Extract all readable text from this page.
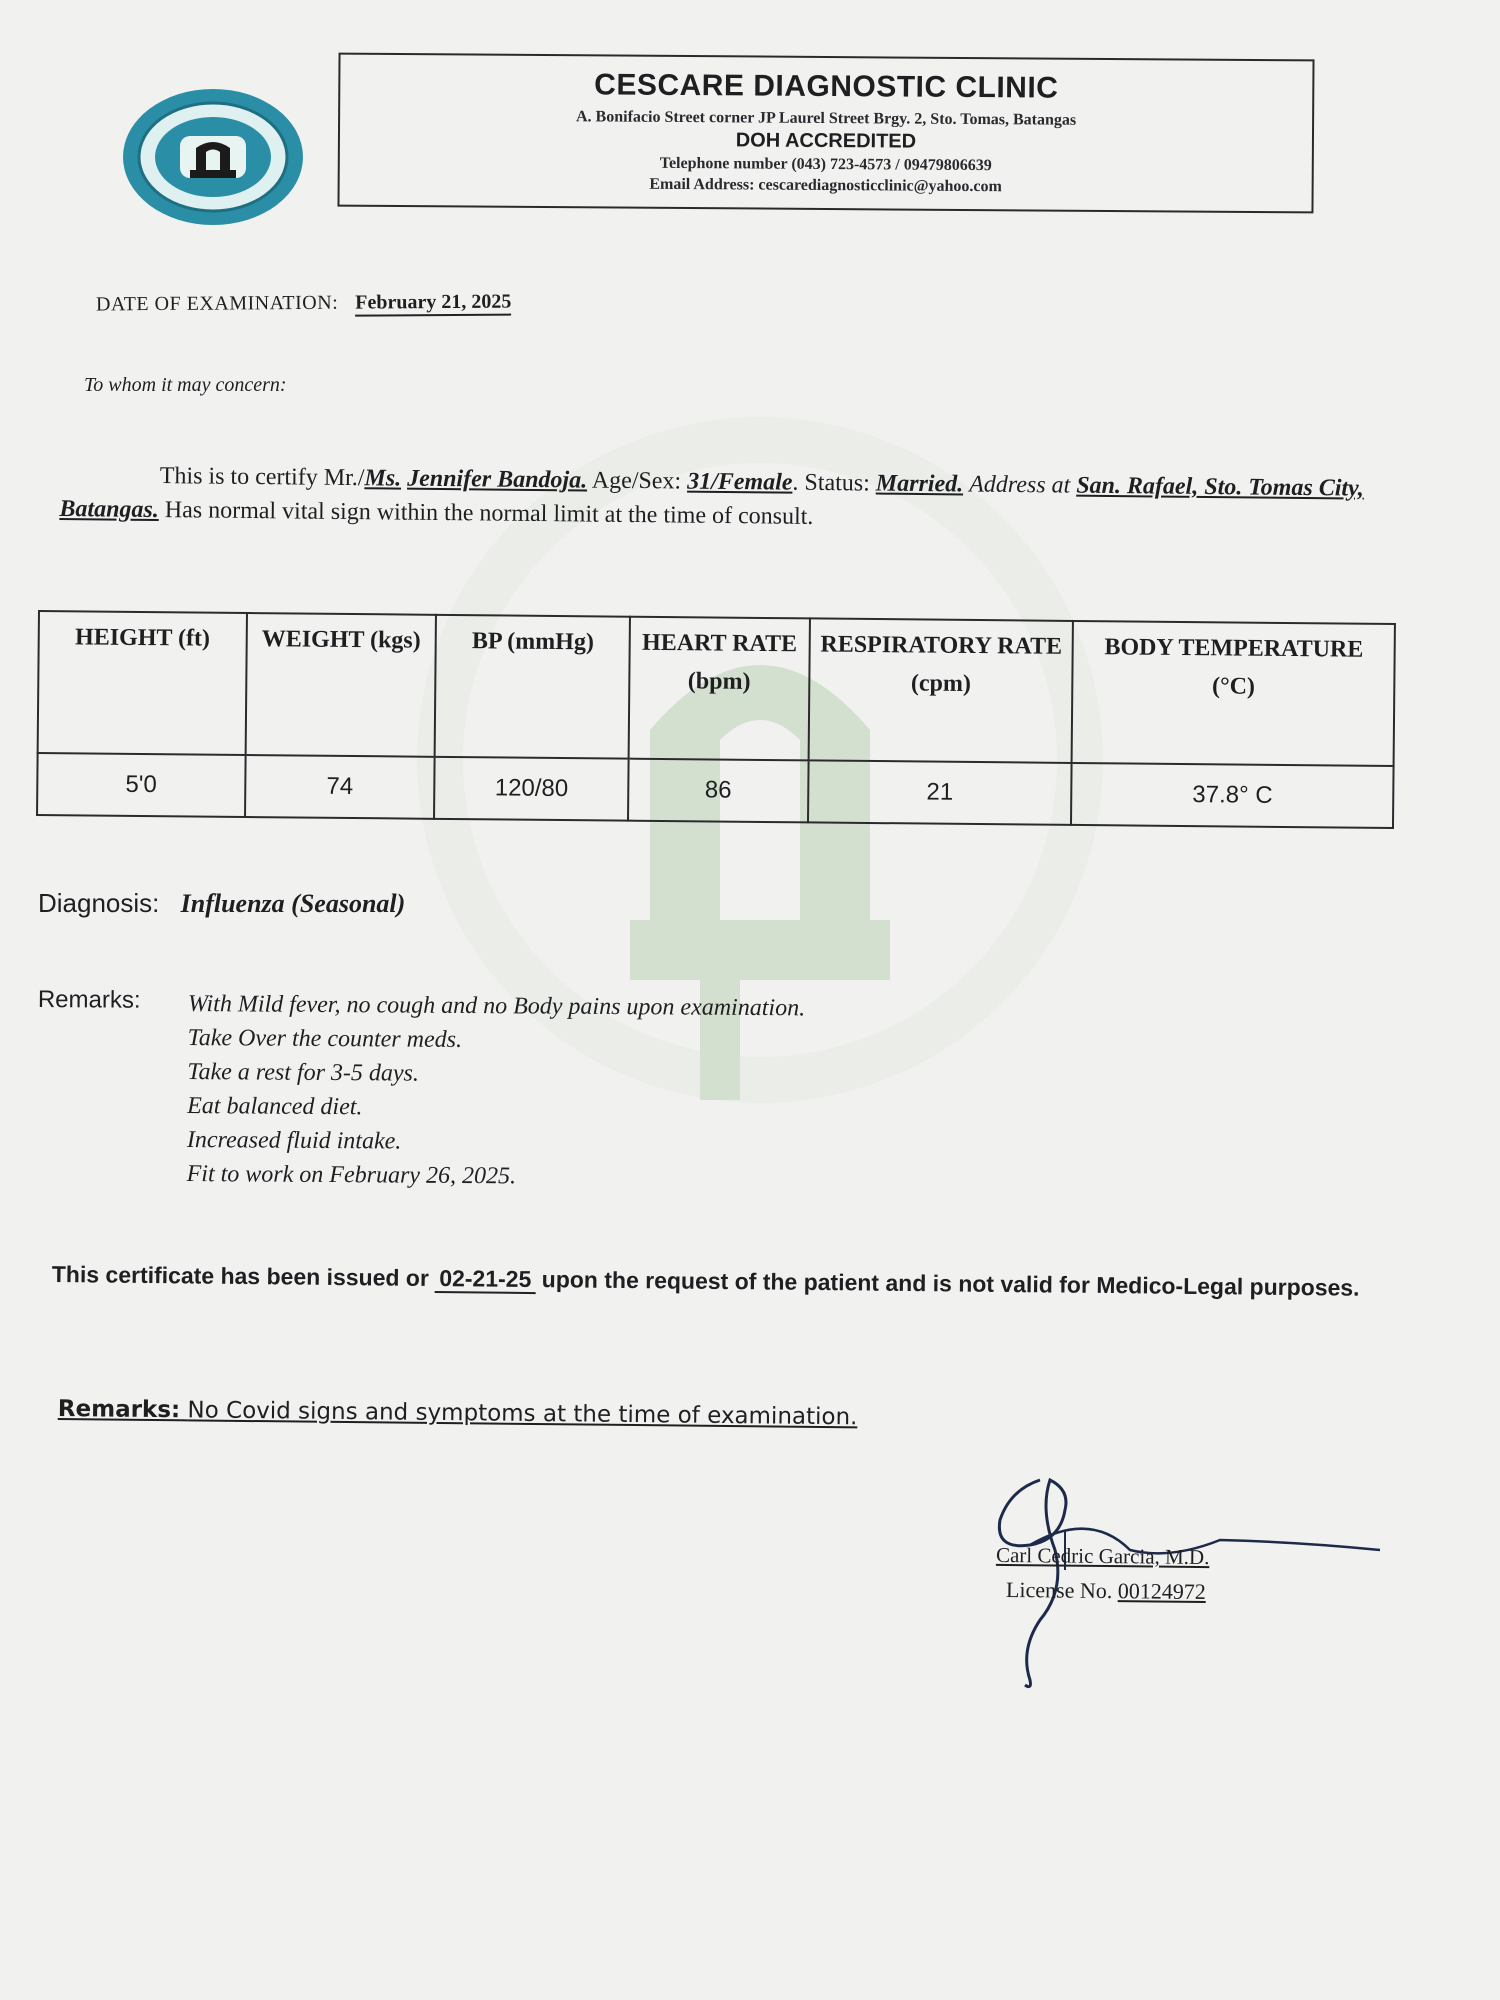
CESCARE DIAGNOSTIC CLINIC
A. Bonifacio Street corner JP Laurel Street Brgy. 2, Sto. Tomas, Batangas
DOH ACCREDITED
Telephone number (043) 723-4573 / 09479806639
Email Address: cescarediagnosticclinic@yahoo.com
DATE OF EXAMINATION: February 21, 2025
To whom it may concern:
This is to certify Mr./Ms. Jennifer Bandoja. Age/Sex: 31/Female. Status: Married. Address at San. Rafael, Sto. Tomas City, Batangas. Has normal vital sign within the normal limit at the time of consult.
HEIGHT (ft)	WEIGHT (kgs)	BP (mmHg)	HEART RATE (bpm)	RESPIRATORY RATE (cpm)	BODY TEMPERATURE (°C)
5'0	74	120/80	86	21	37.8° C
Diagnosis: Influenza (Seasonal)
Remarks:	With Mild fever, no cough and no Body pains upon examination.
Take Over the counter meds.
Take a rest for 3-5 days.
Eat balanced diet.
Increased fluid intake.
Fit to work on February 26, 2025.
This certificate has been issued or 02-21-25 upon the request of the patient and is not valid for Medico-Legal purposes.
Remarks: No Covid signs and symptoms at the time of examination.
Carl Cedric Garcia, M.D.
License No. 00124972
